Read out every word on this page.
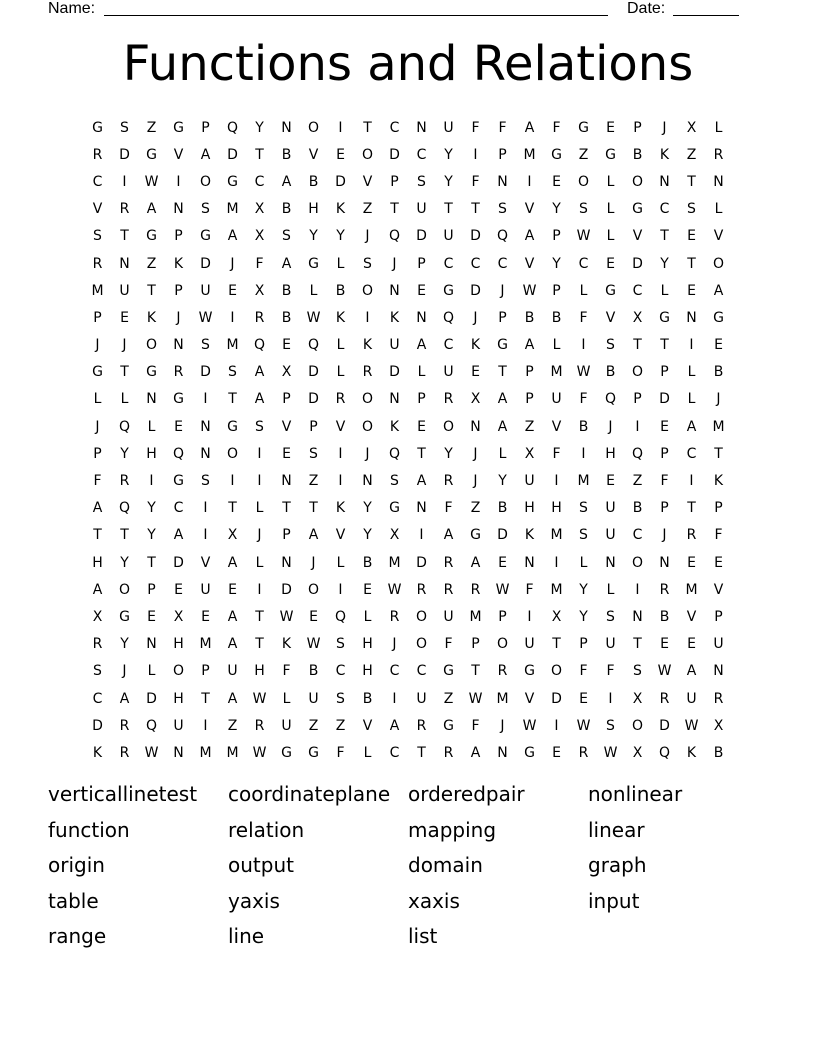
Name:	Date:
Functions and Relations
G	S	Z	G	P	Q	Y	N	O	I	T	C	N	U	F	F	A	F	G	E	P	J	X	L
R	D	G	V	A	D	T	B	V	E	O	D	C	Y	I	P	M	G	Z	G	B	K	Z	R
C	I	W	I	O	G	C	A	B	D	V	P	S	Y	F	N	I	E	O	L	O	N	T	N
V	R	A	N	S	M	X	B	H	K	Z	T	U	T	T	S	V	Y	S	L	G	C	S	L
S	T	G	P	G	A	X	S	Y	Y	J	Q	D	U	D	Q	A	P	W	L	V	T	E	V
R	N	Z	K	D	J	F	A	G	L	S	J	P	C	C	C	V	Y	C	E	D	Y	T	O
M	U	T	P	U	E	X	B	L	B	O	N	E	G	D	J	W	P	L	G	C	L	E	A
P	E	K	J	W	I	R	B	W	K	I	K	N	Q	J	P	B	B	F	V	X	G	N	G
J	J	O	N	S	M	Q	E	Q	L	K	U	A	C	K	G	A	L	I	S	T	T	I	E
G	T	G	R	D	S	A	X	D	L	R	D	L	U	E	T	P	M	W	B	O	P	L	B
L	L	N	G	I	T	A	P	D	R	O	N	P	R	X	A	P	U	F	Q	P	D	L	J
J	Q	L	E	N	G	S	V	P	V	O	K	E	O	N	A	Z	V	B	J	I	E	A	M
P	Y	H	Q	N	O	I	E	S	I	J	Q	T	Y	J	L	X	F	I	H	Q	P	C	T
F	R	I	G	S	I	I	N	Z	I	N	S	A	R	J	Y	U	I	M	E	Z	F	I	K
A	Q	Y	C	I	T	L	T	T	K	Y	G	N	F	Z	B	H	H	S	U	B	P	T	P
T	T	Y	A	I	X	J	P	A	V	Y	X	I	A	G	D	K	M	S	U	C	J	R	F
H	Y	T	D	V	A	L	N	J	L	B	M	D	R	A	E	N	I	L	N	O	N	E	E
A	O	P	E	U	E	I	D	O	I	E	W	R	R	R	W	F	M	Y	L	I	R	M	V
X	G	E	X	E	A	T	W	E	Q	L	R	O	U	M	P	I	X	Y	S	N	B	V	P
R	Y	N	H	M	A	T	K	W	S	H	J	O	F	P	O	U	T	P	U	T	E	E	U
S	J	L	O	P	U	H	F	B	C	H	C	C	G	T	R	G	O	F	F	S	W	A	N
C	A	D	H	T	A	W	L	U	S	B	I	U	Z	W	M	V	D	E	I	X	R	U	R
D	R	Q	U	I	Z	R	U	Z	Z	V	A	R	G	F	J	W	I	W	S	O	D	W	X
K	R	W	N	M	M	W	G	G	F	L	C	T	R	A	N	G	E	R	W	X	Q	K	B
verticallinetest	coordinateplane orderedpair	nonlinear
function	relation	mapping	linear
origin	output	domain	graph
table	yaxis	xaxis	input
range	line	list
